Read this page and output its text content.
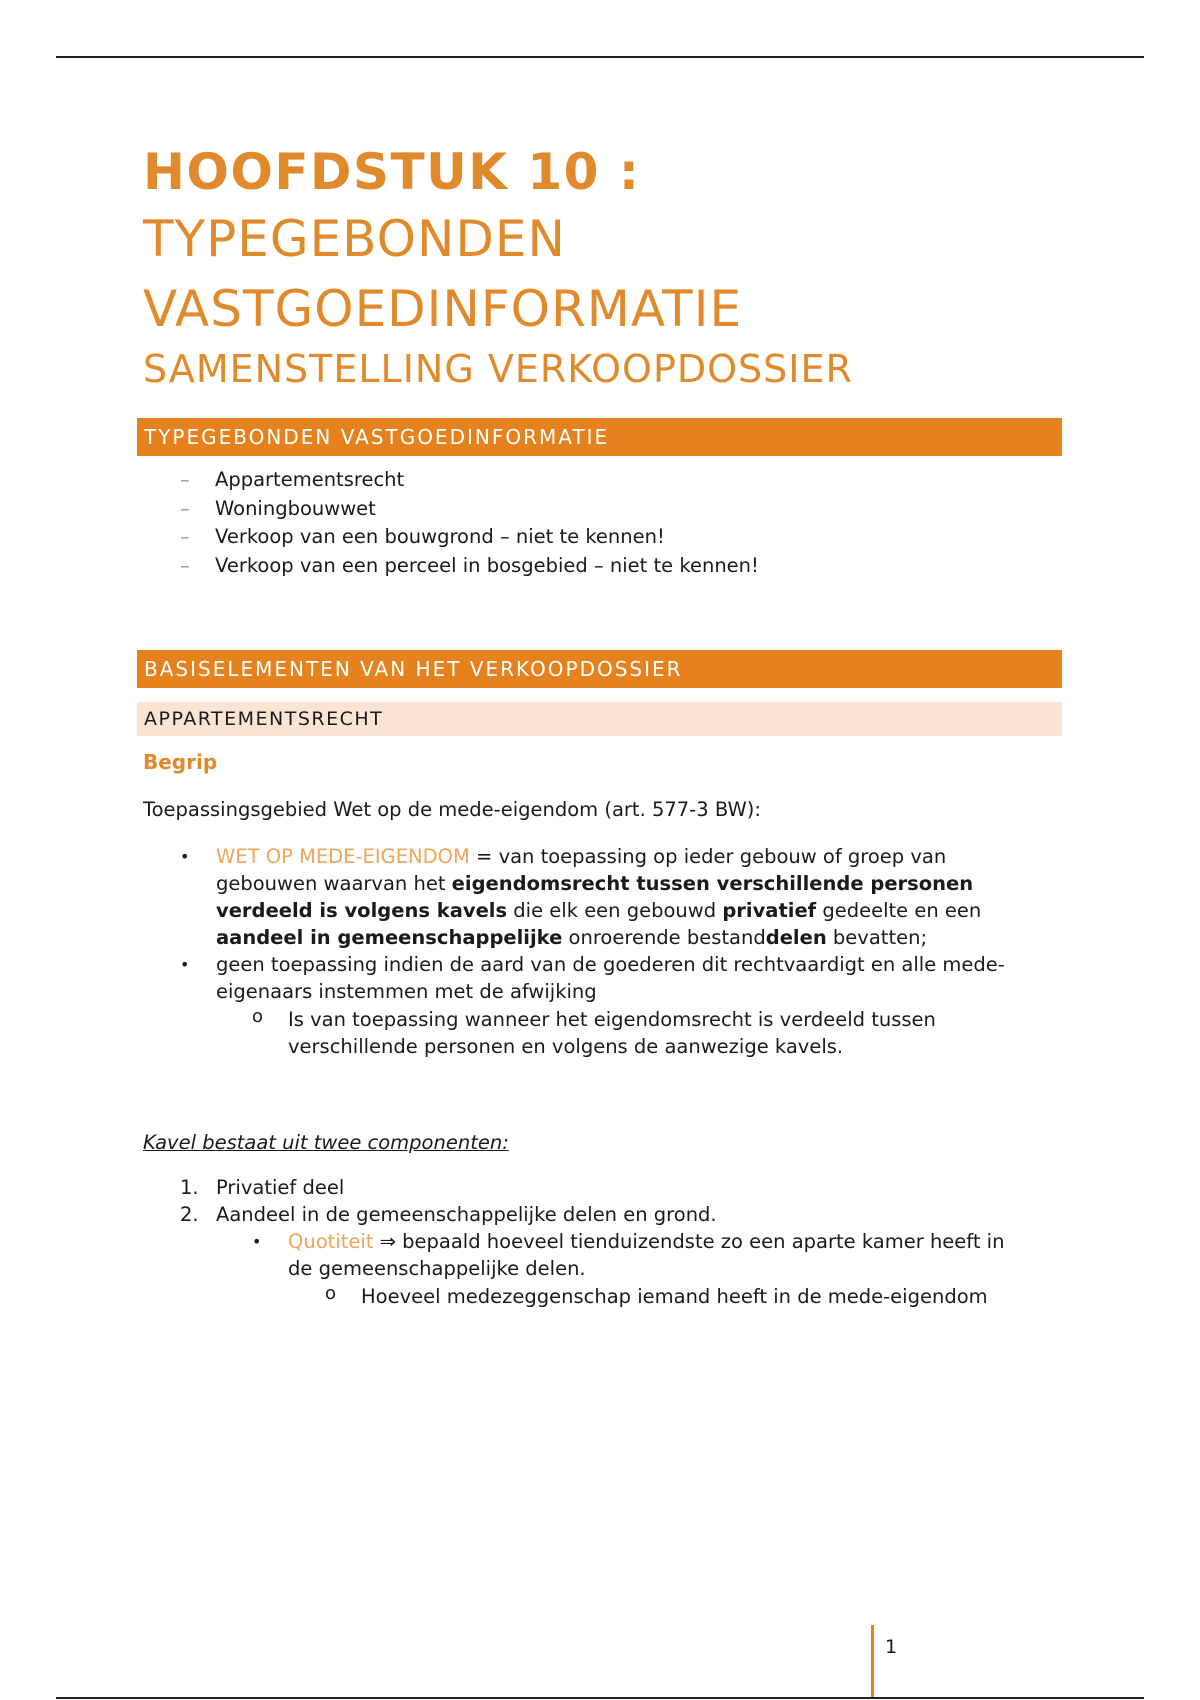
HOOFDSTUK 10 :
TYPEGEBONDEN
VASTGOEDINFORMATIE
SAMENSTELLING VERKOOPDOSSIER
TYPEGEBONDEN VASTGOEDINFORMATIE
– Appartementsrecht
– Woningbouwwet
– Verkoop van een bouwgrond – niet te kennen!
– Verkoop van een perceel in bosgebied – niet te kennen!
BASISELEMENTEN VAN HET VERKOOPDOSSIER
APPARTEMENTSRECHT
Begrip
Toepassingsgebied Wet op de mede-eigendom (art. 577-3 BW):
• WET OP MEDE-EIGENDOM = van toepassing op ieder gebouw of groep van
gebouwen waarvan het eigendomsrecht tussen verschillende personen
verdeeld is volgens kavels die elk een gebouwd privatief gedeelte en een
aandeel in gemeenschappelijke onroerende bestanddelen bevatten;
• geen toepassing indien de aard van de goederen dit rechtvaardigt en alle mede-
eigenaars instemmen met de afwijking
o Is van toepassing wanneer het eigendomsrecht is verdeeld tussen
verschillende personen en volgens de aanwezige kavels.
Kavel bestaat uit twee componenten:
1. Privatief deel
2. Aandeel in de gemeenschappelijke delen en grond.
• Quotiteit ⇒ bepaald hoeveel tienduizendste zo een aparte kamer heeft in
de gemeenschappelijke delen.
o Hoeveel medezeggenschap iemand heeft in de mede-eigendom
1
